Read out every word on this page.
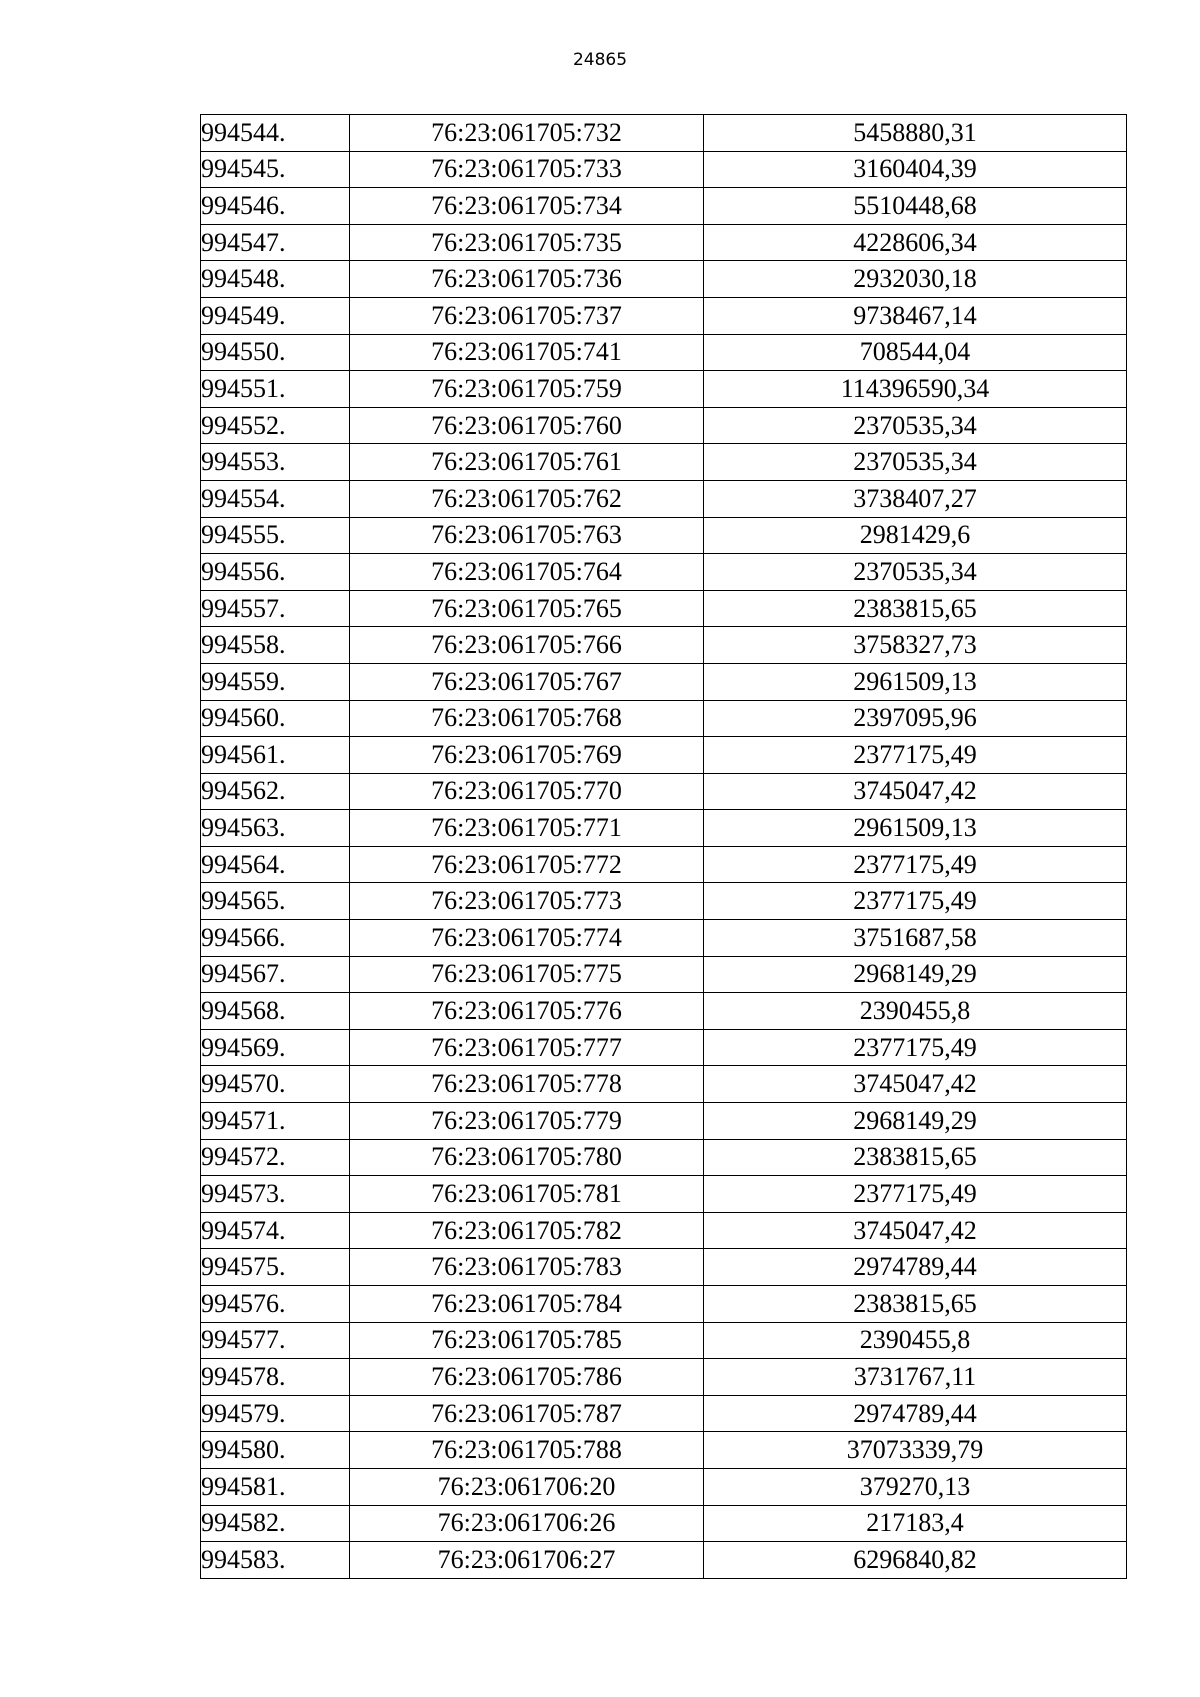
24865
994544.	76:23:061705:732	5458880,31
994545.	76:23:061705:733	3160404,39
994546.	76:23:061705:734	5510448,68
994547.	76:23:061705:735	4228606,34
994548.	76:23:061705:736	2932030,18
994549.	76:23:061705:737	9738467,14
994550.	76:23:061705:741	708544,04
994551.	76:23:061705:759	114396590,34
994552.	76:23:061705:760	2370535,34
994553.	76:23:061705:761	2370535,34
994554.	76:23:061705:762	3738407,27
994555.	76:23:061705:763	2981429,6
994556.	76:23:061705:764	2370535,34
994557.	76:23:061705:765	2383815,65
994558.	76:23:061705:766	3758327,73
994559.	76:23:061705:767	2961509,13
994560.	76:23:061705:768	2397095,96
994561.	76:23:061705:769	2377175,49
994562.	76:23:061705:770	3745047,42
994563.	76:23:061705:771	2961509,13
994564.	76:23:061705:772	2377175,49
994565.	76:23:061705:773	2377175,49
994566.	76:23:061705:774	3751687,58
994567.	76:23:061705:775	2968149,29
994568.	76:23:061705:776	2390455,8
994569.	76:23:061705:777	2377175,49
994570.	76:23:061705:778	3745047,42
994571.	76:23:061705:779	2968149,29
994572.	76:23:061705:780	2383815,65
994573.	76:23:061705:781	2377175,49
994574.	76:23:061705:782	3745047,42
994575.	76:23:061705:783	2974789,44
994576.	76:23:061705:784	2383815,65
994577.	76:23:061705:785	2390455,8
994578.	76:23:061705:786	3731767,11
994579.	76:23:061705:787	2974789,44
994580.	76:23:061705:788	37073339,79
994581.	76:23:061706:20	379270,13
994582.	76:23:061706:26	217183,4
994583.	76:23:061706:27	6296840,82
